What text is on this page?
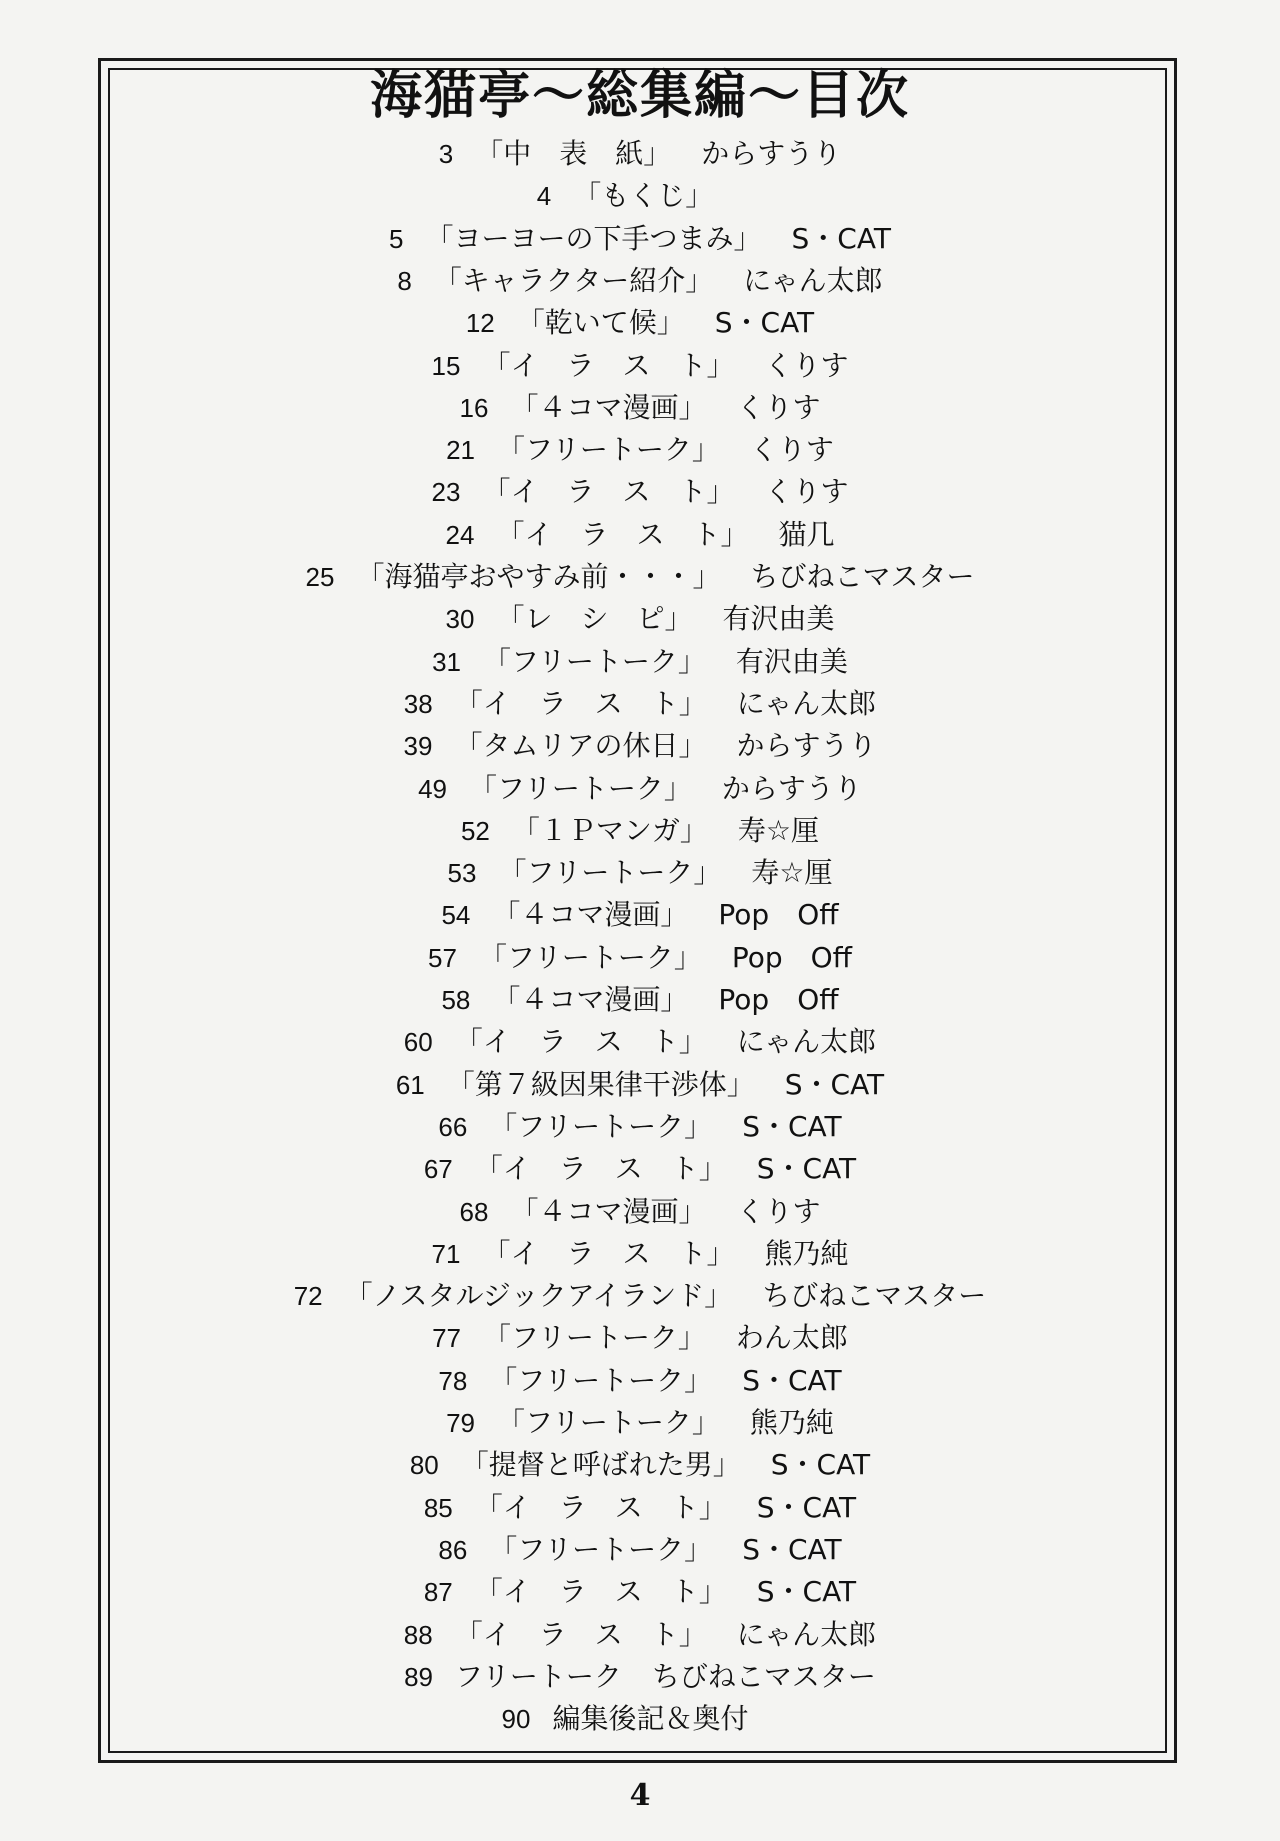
海猫亭～総集編～目次
3 「中　表　紙」 からすうり
4 「もくじ」
5 「ヨーヨーの下手つまみ」 S・CAT
8 「キャラクター紹介」 にゃん太郎
12 「乾いて候」 S・CAT
15 「イ　ラ　ス　ト」 くりす
16 「４コマ漫画」 くりす
21 「フリートーク」 くりす
23 「イ　ラ　ス　ト」 くりす
24 「イ　ラ　ス　ト」 猫几
25 「海猫亭おやすみ前・・・」 ちびねこマスター
30 「レ　シ　ピ」 有沢由美
31 「フリートーク」 有沢由美
38 「イ　ラ　ス　ト」 にゃん太郎
39 「タムリアの休日」 からすうり
49 「フリートーク」 からすうり
52 「１Ｐマンガ」 寿☆厘
53 「フリートーク」 寿☆厘
54 「４コマ漫画」 Pop　Off
57 「フリートーク」 Pop　Off
58 「４コマ漫画」 Pop　Off
60 「イ　ラ　ス　ト」 にゃん太郎
61 「第７級因果律干渉体」 S・CAT
66 「フリートーク」 S・CAT
67 「イ　ラ　ス　ト」 S・CAT
68 「４コマ漫画」 くりす
71 「イ　ラ　ス　ト」 熊乃純
72 「ノスタルジックアイランド」 ちびねこマスター
77 「フリートーク」 わん太郎
78 「フリートーク」 S・CAT
79 「フリートーク」 熊乃純
80 「提督と呼ばれた男」 S・CAT
85 「イ　ラ　ス　ト」 S・CAT
86 「フリートーク」 S・CAT
87 「イ　ラ　ス　ト」 S・CAT
88 「イ　ラ　ス　ト」 にゃん太郎
89 フリートーク ちびねこマスター
90 編集後記＆奥付
4
